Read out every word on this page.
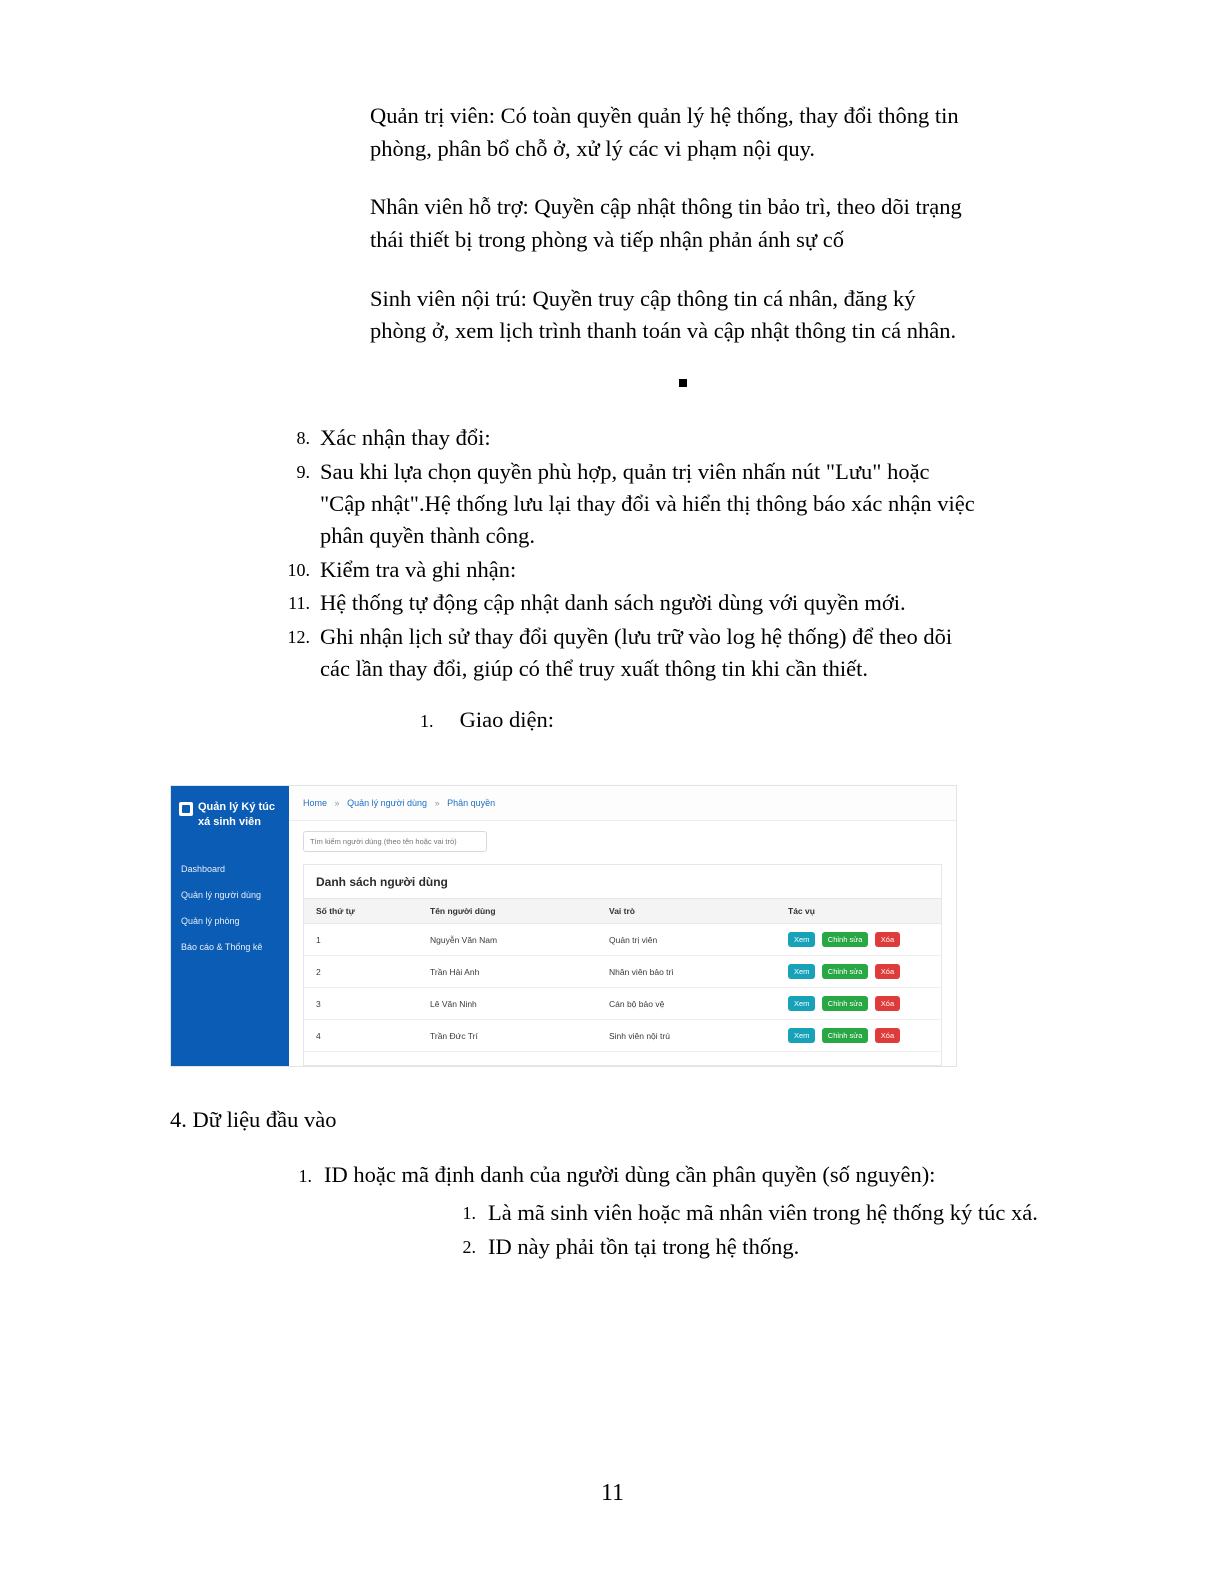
Quản trị viên: Có toàn quyền quản lý hệ thống, thay đổi thông tin phòng, phân bổ chỗ ở, xử lý các vi phạm nội quy.

Nhân viên hỗ trợ: Quyền cập nhật thông tin bảo trì, theo dõi trạng thái thiết bị trong phòng và tiếp nhận phản ánh sự cố

Sinh viên nội trú: Quyền truy cập thông tin cá nhân, đăng ký phòng ở, xem lịch trình thanh toán và cập nhật thông tin cá nhân.

8. Xác nhận thay đổi:
9. Sau khi lựa chọn quyền phù hợp, quản trị viên nhấn nút "Lưu" hoặc "Cập nhật".Hệ thống lưu lại thay đổi và hiển thị thông báo xác nhận việc phân quyền thành công.
10. Kiểm tra và ghi nhận:
11. Hệ thống tự động cập nhật danh sách người dùng với quyền mới.
12. Ghi nhận lịch sử thay đổi quyền (lưu trữ vào log hệ thống) để theo dõi các lần thay đổi, giúp có thể truy xuất thông tin khi cần thiết.
1. Giao diện:
Quản lý Ký túc xá sinh viên
Dashboard
Quản lý người dùng
Quản lý phòng
Báo cáo & Thống kê
Home » Quản lý người dùng » Phân quyền
Tìm kiếm người dùng (theo tên hoặc vai trò)
Danh sách người dùng
Số thứ tự	Tên người dùng	Vai trò	Tác vụ
1	Nguyễn Văn Nam	Quản trị viên	Xem Chỉnh sửa Xóa
2	Trần Hải Anh	Nhân viên bảo trì	Xem Chỉnh sửa Xóa
3	Lê Văn Ninh	Cán bộ bảo vệ	Xem Chỉnh sửa Xóa
4	Trần Đức Trí	Sinh viên nội trú	Xem Chỉnh sửa Xóa
4. Dữ liệu đầu vào
1. ID hoặc mã định danh của người dùng cần phân quyền (số nguyên):
1. Là mã sinh viên hoặc mã nhân viên trong hệ thống ký túc xá.
2. ID này phải tồn tại trong hệ thống.
11
